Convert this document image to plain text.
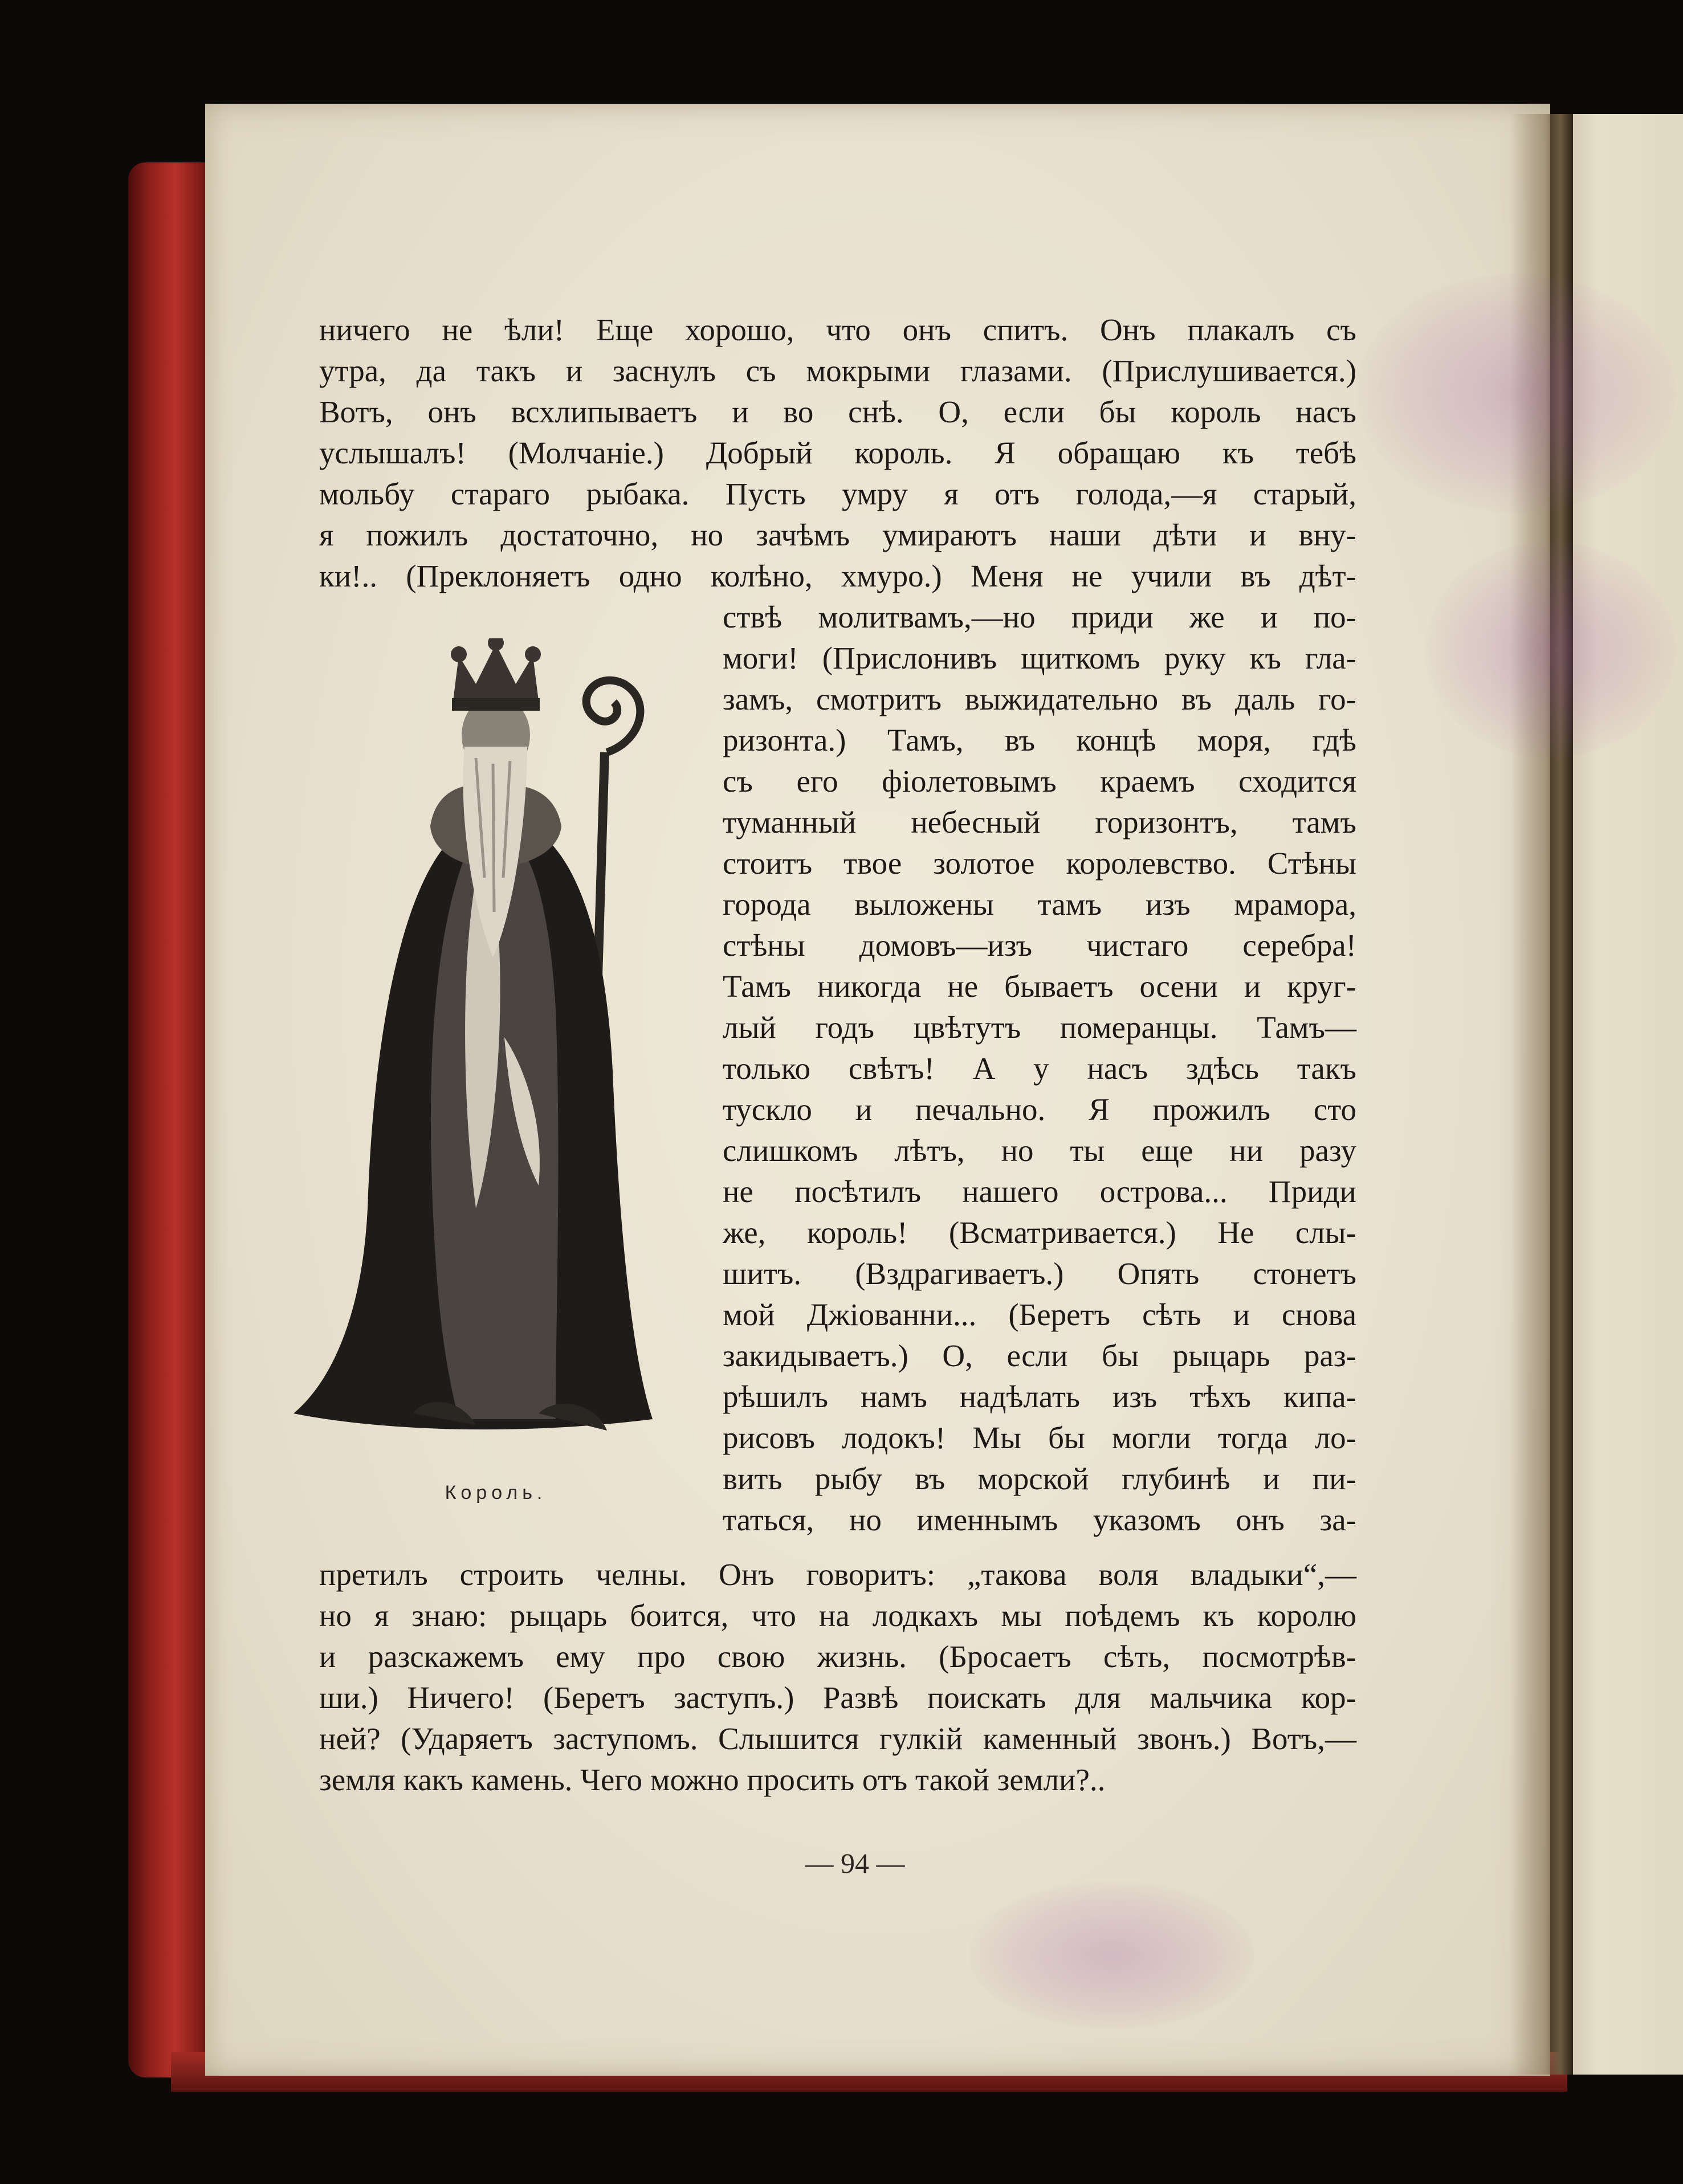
ничего не ѣли! Еще хорошо, что онъ спитъ. Онъ плакалъ съ
утра, да такъ и заснулъ съ мокрыми глазами. (Прислушивается.)
Вотъ, онъ всхлипываетъ и во снѣ. О, если бы король насъ
услышалъ! (Молчаніе.) Добрый король. Я обращаю къ тебѣ
мольбу стараго рыбака. Пусть умру я отъ голода,—я старый,
я пожилъ достаточно, но зачѣмъ умираютъ наши дѣти и вну-
ки!.. (Преклоняетъ одно колѣно, хмуро.) Меня не учили въ дѣт-
Король.
ствѣ молитвамъ,—но приди же и по-
моги! (Прислонивъ щиткомъ руку къ гла-
замъ, смотритъ выжидательно въ даль го-
ризонта.) Тамъ, въ концѣ моря, гдѣ
съ его фіолетовымъ краемъ сходится
туманный небесный горизонтъ, тамъ
стоитъ твое золотое королевство. Стѣны
города выложены тамъ изъ мрамора,
стѣны домовъ—изъ чистаго серебра!
Тамъ никогда не бываетъ осени и круг-
лый годъ цвѣтутъ померанцы. Тамъ—
только свѣтъ! А у насъ здѣсь такъ
тускло и печально. Я прожилъ сто
слишкомъ лѣтъ, но ты еще ни разу
не посѣтилъ нашего острова... Приди
же, король! (Всматривается.) Не слы-
шитъ. (Вздрагиваетъ.) Опять стонетъ
мой Джіованни... (Беретъ сѣть и снова
закидываетъ.) О, если бы рыцарь раз-
рѣшилъ намъ надѣлать изъ тѣхъ кипа-
рисовъ лодокъ! Мы бы могли тогда ло-
вить рыбу въ морской глубинѣ и пи-
таться, но именнымъ указомъ онъ за-
претилъ строить челны. Онъ говоритъ: „такова воля владыки“,—
но я знаю: рыцарь боится, что на лодкахъ мы поѣдемъ къ королю
и разскажемъ ему про свою жизнь. (Бросаетъ сѣть, посмотрѣв-
ши.) Ничего! (Беретъ заступъ.) Развѣ поискать для мальчика кор-
ней? (Ударяетъ заступомъ. Слышится гулкій каменный звонъ.) Вотъ,—
земля какъ камень. Чего можно просить отъ такой земли?..
— 94 —
